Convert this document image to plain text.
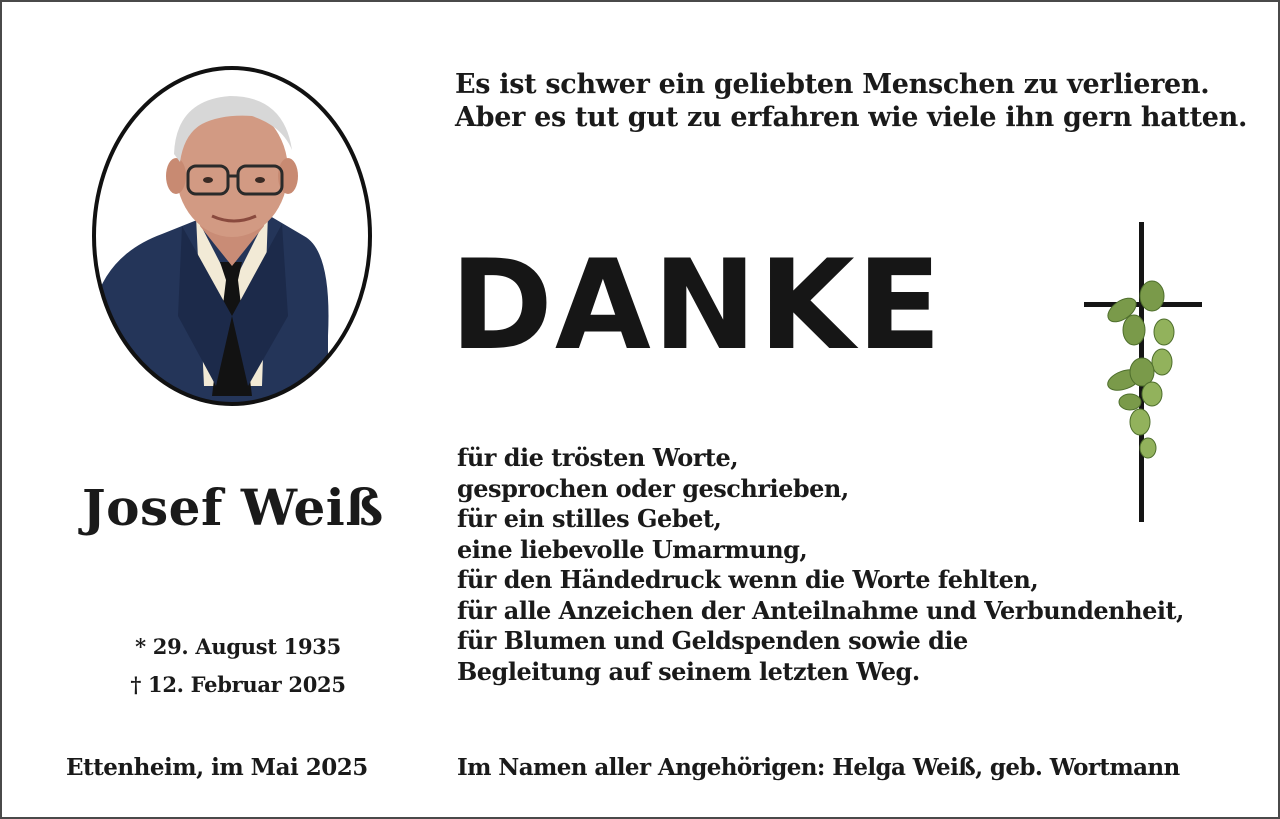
Es ist schwer ein geliebten Menschen zu verlieren.
Aber es tut gut zu erfahren wie viele ihn gern hatten.
DANKE
Josef Weiß
* 29. August 1935
† 12. Februar 2025
für die trösten Worte,
gesprochen oder geschrieben,
für ein stilles Gebet,
eine liebevolle Umarmung,
für den Händedruck wenn die Worte fehlten,
für alle Anzeichen der Anteilnahme und Verbundenheit,
für Blumen und Geldspenden sowie die
Begleitung auf seinem letzten Weg.
Ettenheim, im Mai 2025	Im Namen aller Angehörigen: Helga Weiß, geb. Wortmann
